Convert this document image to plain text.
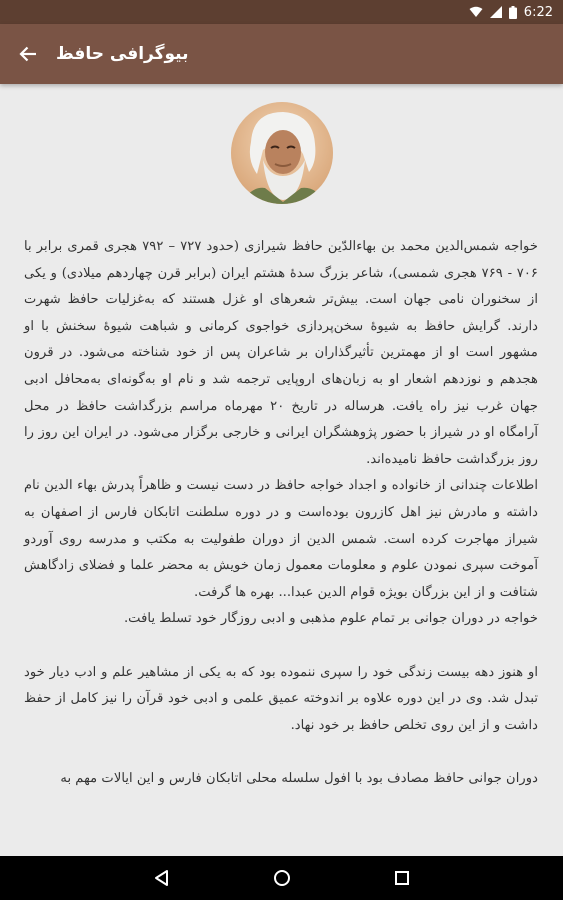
6:22
بیوگرافی حافظ
خواجه شمس‌الدین محمد بن بهاءالدّین حافظ شیرازی (حدود ۷۲۷ – ۷۹۲ هجری قمری برابر با ۷۰۶ - ۷۶۹ هجری شمسی)، شاعر بزرگ سدهٔ هشتم ایران (برابر قرن چهاردهم میلادی) و یکی از سخنوران نامی جهان است. بیش‌تر شعرهای او غزل هستند که به‌غزلیات حافظ شهرت دارند. گرایش حافظ به شیوهٔ سخن‌پردازی خواجوی کرمانی و شباهت شیوهٔ سخنش با او مشهور است او از مهمترین تأثیرگذاران بر شاعران پس از خود شناخته می‌شود. در قرون هجدهم و نوزدهم اشعار او به زبان‌های اروپایی ترجمه شد و نام او به‌گونه‌ای به‌محافل ادبی جهان غرب نیز راه یافت. هرساله در تاریخ ۲۰ مهرماه مراسم بزرگداشت حافظ در محل آرامگاه او در شیراز با حضور پژوهشگران ایرانی و خارجی برگزار می‌شود. در ایران این روز را روز بزرگداشت حافظ نامیده‌اند.
اطلاعات چندانی از خانواده و اجداد خواجه حافظ در دست نیست و ظاهراً پدرش بهاء الدین نام داشته و مادرش نیز اهل کازرون بوده‌است و در دوره سلطنت اتابکان فارس از اصفهان به شیراز مهاجرت کرده است. شمس الدین از دوران طفولیت به مکتب و مدرسه روی آوردو آموخت سپری نمودن علوم و معلومات معمول زمان خویش به محضر علما و فضلای زادگاهش شتافت و از این بزرگان بویژه قوام الدین عبدا... بهره ها گرفت.
خواجه در دوران جوانی بر تمام علوم مذهبی و ادبی روزگار خود تسلط یافت.

او هنوز دهه بیست زندگی خود را سپری ننموده بود که به یکی از مشاهیر علم و ادب دیار خود تبدل شد. وی در این دوره علاوه بر اندوخته عمیق علمی و ادبی خود قرآن را نیز کامل از حفظ داشت و از این روی تخلص حافظ بر خود نهاد.

دوران جوانی حافظ مصادف بود با افول سلسله محلی اتابکان فارس و این ایالات مهم به
